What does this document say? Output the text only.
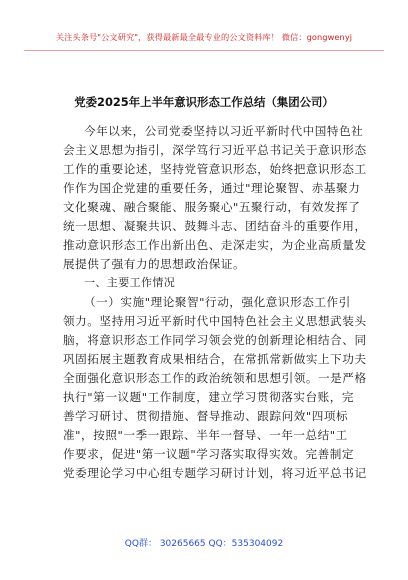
关注头条号"公文研究"，获得最新最全最专业的公文资料库！ 微信：gongwenyj
党委2025年上半年意识形态工作总结（集团公司）
今年以来，公司党委坚持以习近平新时代中国特色社
会主义思想为指引，深学笃行习近平总书记关于意识形态
工作的重要论述，坚持党管意识形态，始终把意识形态工
作作为国企党建的重要任务，通过"理论聚智、赤基聚力
文化聚魂、融合聚能、服务聚心"五聚行动，有效发挥了
统一思想、凝聚共识、鼓舞斗志、团结奋斗的重要作用，
推动意识形态工作出新出色、走深走实，为企业高质量发
展提供了强有力的思想政治保证。
一、主要工作情况
（一）实施"理论聚智"行动，强化意识形态工作引
领力。坚持用习近平新时代中国特色社会主义思想武装头
脑，将意识形态工作同学习领会党的创新理论相结合、同
巩固拓展主题教育成果相结合，在常抓常新做实上下功夫
全面强化意识形态工作的政治统领和思想引领。一是严格
执行"第一议题"工作制度，建立学习贯彻落实台账，完
善学习研讨、贯彻措施、督导推动、跟踪问效"四项标
准"，按照"一季一跟踪、半年一督导、一年一总结"工
作要求，促进"第一议题"学习落实取得实效。完善制定
党委理论学习中心组专题学习研讨计划，将习近平总书记
QQ群： 30265665 QQ：535304092
